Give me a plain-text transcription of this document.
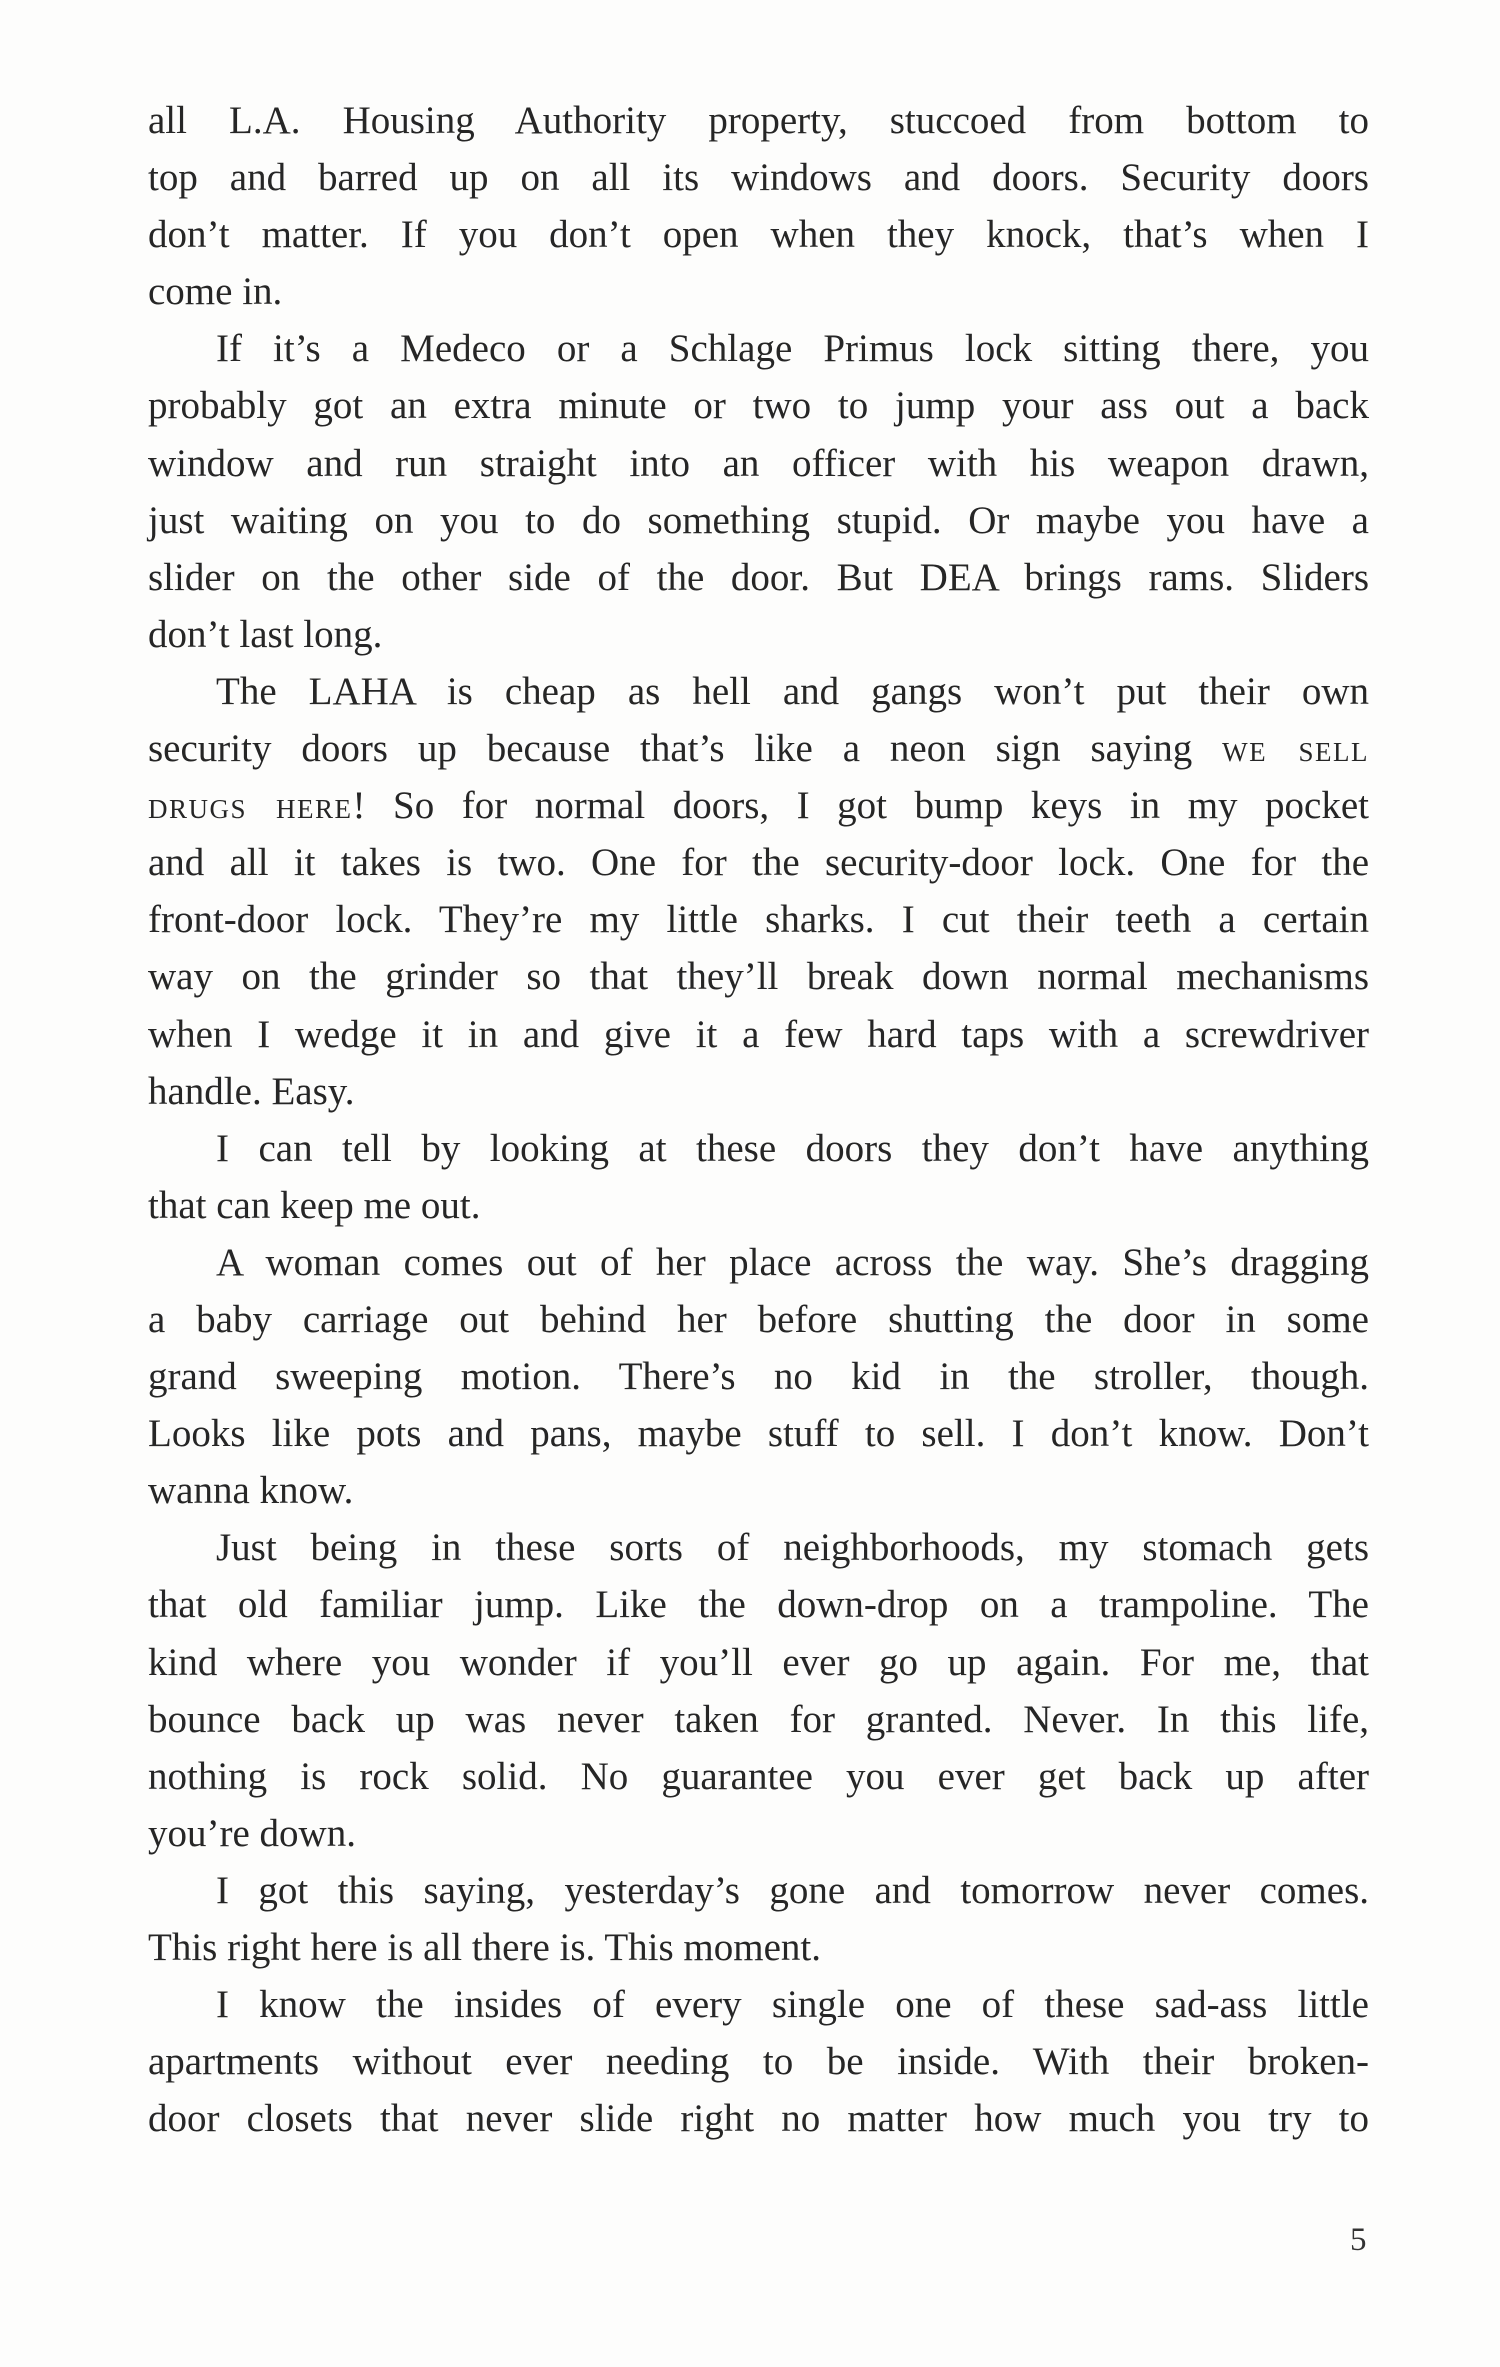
all L.A. Housing Authority property, stuccoed from bottom to
top and barred up on all its windows and doors. Security doors
don’t matter. If you don’t open when they knock, that’s when I
come in.
If it’s a Medeco or a Schlage Primus lock sitting there, you
probably got an extra minute or two to jump your ass out a back
window and run straight into an officer with his weapon drawn,
just waiting on you to do something stupid. Or maybe you have a
slider on the other side of the door. But DEA brings rams. Sliders
don’t last long.
The LAHA is cheap as hell and gangs won’t put their own
security doors up because that’s like a neon sign saying we sell
drugs here! So for normal doors, I got bump keys in my pocket
and all it takes is two. One for the security-door lock. One for the
front-door lock. They’re my little sharks. I cut their teeth a certain
way on the grinder so that they’ll break down normal mechanisms
when I wedge it in and give it a few hard taps with a screwdriver
handle. Easy.
I can tell by looking at these doors they don’t have anything
that can keep me out.
A woman comes out of her place across the way. She’s dragging
a baby carriage out behind her before shutting the door in some
grand sweeping motion. There’s no kid in the stroller, though.
Looks like pots and pans, maybe stuff to sell. I don’t know. Don’t
wanna know.
Just being in these sorts of neighborhoods, my stomach gets
that old familiar jump. Like the down-drop on a trampoline. The
kind where you wonder if you’ll ever go up again. For me, that
bounce back up was never taken for granted. Never. In this life,
nothing is rock solid. No guarantee you ever get back up after
you’re down.
I got this saying, yesterday’s gone and tomorrow never comes.
This right here is all there is. This moment.
I know the insides of every single one of these sad-ass little
apartments without ever needing to be inside. With their broken-
door closets that never slide right no matter how much you try to
5
